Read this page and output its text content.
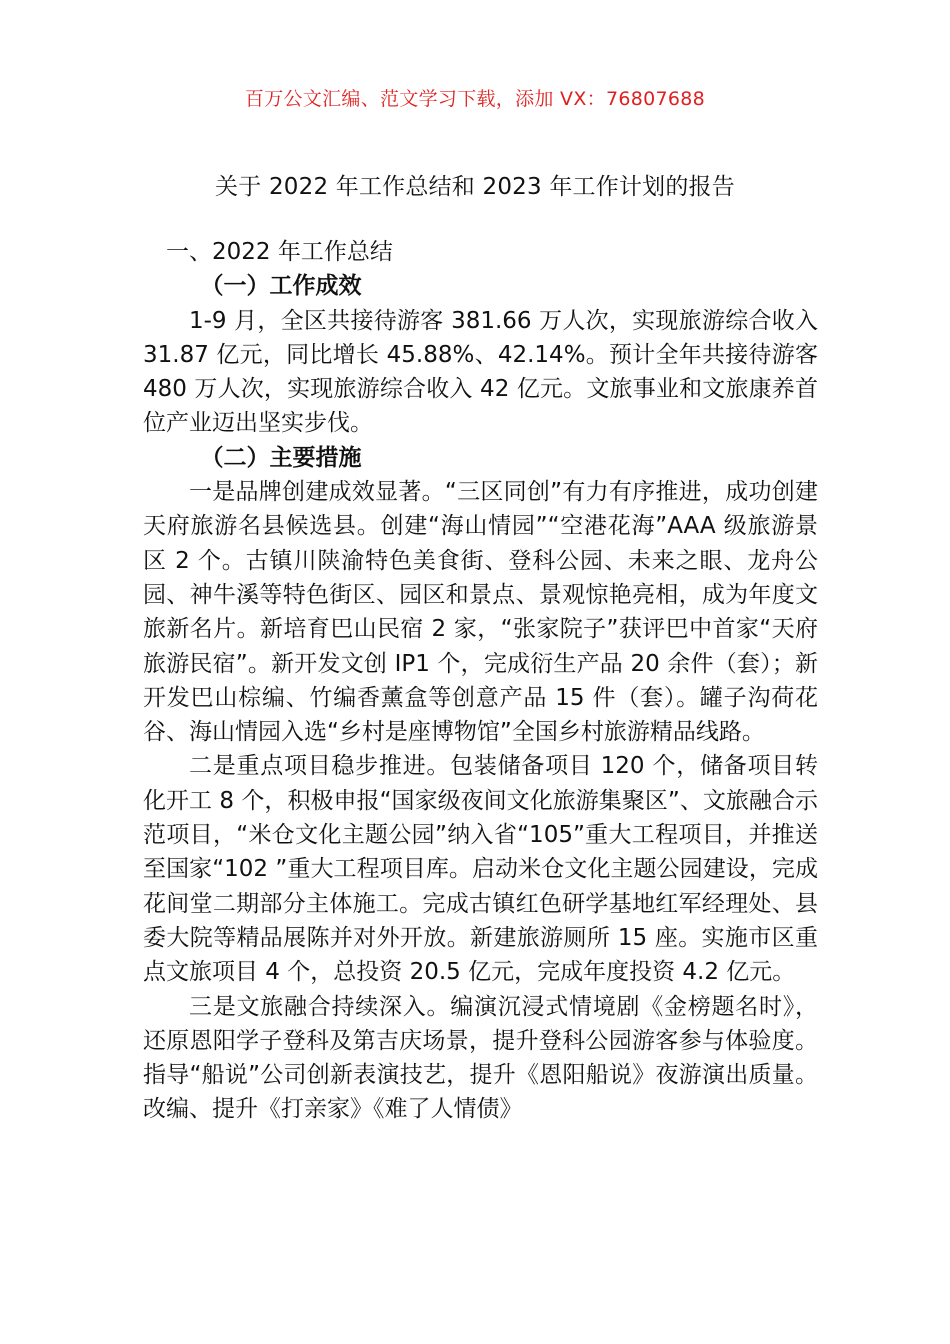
百万公文汇编、范文学习下载，添加 VX：76807688
关于 2022 年工作总结和 2023 年工作计划的报告

一、2022 年工作总结

（一）工作成效

1-9 月，全区共接待游客 381.66 万人次，实现旅游综合收入 31.87 亿元，同比增长 45.88%、42.14%。预计全年共接待游客 480 万人次，实现旅游综合收入 42 亿元。文旅事业和文旅康养首位产业迈出坚实步伐。

（二）主要措施

一是品牌创建成效显著。“三区同创”有力有序推进，成功创建天府旅游名县候选县。创建“海山情园”“空港花海”AAA 级旅游景区 2 个。古镇川陕渝特色美食街、登科公园、未来之眼、龙舟公园、神牛溪等特色街区、园区和景点、景观惊艳亮相，成为年度文旅新名片。新培育巴山民宿 2 家，“张家院子”获评巴中首家“天府旅游民宿”。新开发文创 IP1 个，完成衍生产品 20 余件（套）；新开发巴山棕编、竹编香薰盒等创意产品 15 件（套）。罐子沟荷花谷、海山情园入选“乡村是座博物馆”全国乡村旅游精品线路。

二是重点项目稳步推进。包装储备项目 120 个，储备项目转化开工 8 个，积极申报“国家级夜间文化旅游集聚区”、文旅融合示范项目，“米仓文化主题公园”纳入省“105”重大工程项目，并推送至国家“102 ”重大工程项目库。启动米仓文化主题公园建设，完成花间堂二期部分主体施工。完成古镇红色研学基地红军经理处、县委大院等精品展陈并对外开放。新建旅游厕所 15 座。实施市区重点文旅项目 4 个，总投资 20.5 亿元，完成年度投资 4.2 亿元。

三是文旅融合持续深入。编演沉浸式情境剧《金榜题名时》，还原恩阳学子登科及第吉庆场景，提升登科公园游客参与体验度。指导“船说”公司创新表演技艺，提升《恩阳船说》夜游演出质量。改编、提升《打亲家》《难了人情债》
